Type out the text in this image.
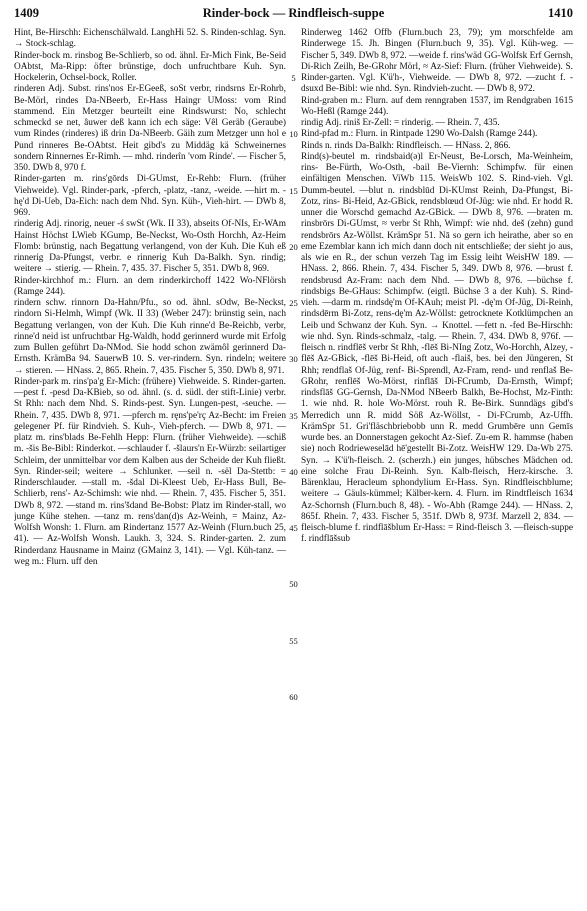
1409	Rinder-bock — Rindfleisch-suppe	1410

Hint, Be-Hirschh: Eichenschälwald. LanghHi 52. S. Rinden-schlag. Syn. → Stock-schlag.

Rinder-bock m. rinsbog Be-Schlierb, so od. ähnl. Er-Mich Fink, Be-Seid OAbtst, Ma-Ripp: öfter brünstige, doch unfruchtbare Kuh. Syn. Hockelerin, Ochsel-bock, Roller.

rinderen Adj. Subst. rins'nos Er-EGeeß, soSt verbr, rindsrns Er-Rohrb, Be-Mörl, rindes Da-NBeerb, Er-Hass Haingr UMoss: vom Rind stammend. Ein Metzger beurteilt eine Rindswurst: No, schlecht schmeckd se net, âuwer deß kann ich ech säge: Vêl Geräb (Geraube) vum Rindes (rinderes) iß drin Da-NBeerb. Gäih zum Metzger unn hol e Pund rinneres Be-OAbtst. Heit gibd's zu Middäg kä Schweinernes sondern Rinnernes Er-Rimh. — mhd. rinderîn 'vom Rinde'. — Fischer 5, 350. DWb 8, 970 f.

Rinder-garten m. rins'gōrds Di-GUmst, Er-Rehb: Flurn. (früher Viehweide). Vgl. Rinder-park, -pferch, -platz, -tanz, -weide. —hirt m. -hę'd Di-Ueb, Da-Eich: nach dem Nhd. Syn. Küh-, Vieh-hirt. — DWb 8, 969.

rinderig Adj. rinorig, neuer -ś swSt (Wk. II 33), abseits Of-NIs, Er-WAm Hainst Höchst LWieb KGump, Be-Neckst, Wo-Osth Horchh, Az-Heim Flomb: brünstig, nach Begattung verlangend, von der Kuh. Die Kuh eß rinnerig Da-Pfungst, verbr. e rinnerig Kuh Da-Balkh. Syn. rindig; weitere → stierig. — Rhein. 7, 435. 37. Fischer 5, 351. DWb 8, 969.

Rinder-kirchhof m.: Flurn. an dem rinderkirchoff 1422 Wo-NFlörsh (Ramge 244).

rindern schw. rinnorn Da-Hahn/Pfu., so od. ähnl. sOdw, Be-Neckst, rindorn Si-Helmh, Wimpf (Wk. II 33) (Weber 247): brünstig sein, nach Begattung verlangen, von der Kuh. Die Kuh rinne'd Be-Reichb, verbr, rinne'd neid ist unfruchtbar Hg-Waldh, hodd gerinnerd wurde mit Erfolg zum Bullen geführt Da-NMod. Sie hodd schon zwämôl gerinnerd Da-Ernsth. KrämBa 94. SauerwB 10. S. ver-rindern. Syn. rindeln; weitere → stieren. — HNass. 2, 865. Rhein. 7, 435. Fischer 5, 350. DWb 8, 971.

Rinder-park m. rins'pa'g Er-Mich: (frühere) Viehweide. S. Rinder-garten. —pest f. -pesd Da-KBieb, so od. ähnl. (s. d. südl. der stift-Linie) verbr. St Rhh: nach dem Nhd. S. Rinds-pest. Syn. Lungen-pest, -seuche. — Rhein. 7, 435. DWb 8, 971. —pferch m. ręns'pe'rç Az-Becht: im Freien gelegener Pf. für Rindvieh. S. Kuh-, Vieh-pferch. — DWb 8, 971. —platz m. rins'blads Be-Fehlh Hepp: Flurn. (früher Viehweide). —schiß m. -šis Be-Bibl: Rinderkot. —schlauder f. -šlaurs'n Er-Würzb: seilartiger Schleim, der unmittelbar vor dem Kalben aus der Scheide der Kuh fließt. Syn. Rinder-seil; weitere → Schlunker. —seil n. -sël Da-Stettb: = Rinderschlauder. —stall m. -šdal Di-Kleest Ueb, Er-Hass Bull, Be-Schlierb, rens'- Az-Schimsh: wie nhd. — Rhein. 7, 435. Fischer 5, 351. DWb 8, 972. —stand m. rins'šdand Be-Bobst: Platz im Rinder-stall, wo junge Kühe stehen. —tanz m. rens'dan(d)s Az-Weinh, = Mainz, Az-Wolfsh Wonsh: 1. Flurn. am Rindertanz 1577 Az-Weinh (Flurn.buch 25, 41). — Az-Wolfsh Wonsh. Laukh. 3, 324. S. Rinder-garten. 2. zum Rinderdanz Hausname in Mainz (GMainz 3, 141). — Vgl. Küh-tanz. —weg m.: Flurn. uff den

5
10
15
20
25
30
35
40
45
50
55
60

Rinderweg 1462 Offb (Flurn.buch 23, 79); ym morschfelde am Rinderwege 15. Jh. Bingen (Flurn.buch 9, 35). Vgl. Küh-weg. — Fischer 5, 349. DWb 8, 972. —weide f. rins'wäd GG-Wolfsk Erf Gernsh, Di-Rich Zeilh, Be-GRohr Mörl, ≈ Az-Sief: Flurn. (früher Viehweide). S. Rinder-garten. Vgl. K'ü'h-, Viehweide. — DWb 8, 972. —zucht f. -dsuxd Be-Bibl: wie nhd. Syn. Rindvieh-zucht. — DWb 8, 972.

Rind-graben m.: Flurn. auf dem renngraben 1537, im Rendgraben 1615 Wo-Heßl (Ramge 244).

rindig Adj. riniš Er-Zell: = rinderig. — Rhein. 7, 435.

Rind-pfad m.: Flurn. in Rintpade 1290 Wo-Dalsh (Ramge 244).

Rinds n. rinds Da-Balkh: Rindfleisch. — HNass. 2, 866.

Rind(s)-beutel m. rindsbaid(ə)l Er-Neust, Be-Lorsch, Ma-Weinheim, rins- Be-Fürth, Wo-Osth, -bail Be-Viernh: Schimpfw. für einen einfältigen Menschen. ViWb 115. WeisWb 102. S. Rind-vieh. Vgl. Dumm-beutel. —blut n. rindsblūd Di-KUmst Reinh, Da-Pfungst, Bi-Zotz, rins- Bi-Heid, Az-GBick, rendsblœud Of-Jüg: wie nhd. Er hodd R. unner die Worschd gemachd Az-GBick. — DWb 8, 976. —braten m. rinsbrōrs Di-GUmst, ≈ verbr St Rhh, Wimpf: wie nhd. deš (zehn) gund rendsbrōrs Az-Wöllst. KrämSpr 51. Nā so gern ich heirathe, aber so en eme Ezemblar kann ich mich dann doch nit entschließe; der sieht jo aus, als wie en R., der schun verzeh Tag im Essig leiht WeisHW 189. — HNass. 2, 866. Rhein. 7, 434. Fischer 5, 349. DWb 8, 976. —brust f. rendsbrusd Az-Fram: nach dem Nhd. — DWb 8, 976. —büchse f. rindsbigs Be-GHaus: Schimpfw. (eigtl. Büchse 3 a der Kuh). S. Rind-vieh. —darm m. rindsdę'm Of-KAuh; meist Pl. -dę'm Of-Jüg, Di-Reinh, rindsdērm Bi-Zotz, rens-dę'm Az-Wöllst: getrocknete Kotklümpchen an Leib und Schwanz der Kuh. Syn. → Knottel. —fett n. -fed Be-Hirschh: wie nhd. Syn. Rinds-schmalz, -talg. — Rhein. 7, 434. DWb 8, 976f. —fleisch n. rindflēš verbr St Rhh, -flēš Bi-NIng Zotz, Wo-Horchh, Alzey, -flēš Az-GBick, -flēš Bi-Heid, oft auch -flaiš, bes. bei den Jüngeren, St Rhh; rendflaš Of-Jüg, renf- Bi-Sprendl, Az-Fram, rend- und renflaš Be-GRohr, renflēš Wo-Mörst, rinflāš Di-FCrumb, Da-Ernsth, Wimpf; rindsflāš GG-Gernsh, Da-NMod NBeerb Balkh, Be-Hochst, Mz-Finth: 1. wie nhd. R. hole Wo-Mörst. rouh R. Be-Birk. Sunndägs gibd's Merredich unn R. midd Söß Az-Wöllst, - Di-FCrumb, Az-Uffh. KrämSpr 51. Gri'fläschbriebobb unn R. medd Grumbēre unn Gemīs wurde bes. an Donnerstagen gekocht Az-Sief. Zu-em R. hammse (haben sie) noch Rodrieweselād hē'gestellt Bi-Zotz. WeisHW 129. Da-Wb 275. Syn. → K'ü'h-fleisch. 2. (scherzh.) ein junges, hübsches Mädchen od. eine solche Frau Di-Reinh. Syn. Kalb-fleisch, Herz-kirsche. 3. Bärenklau, Heracleum sphondylium Er-Hass. Syn. Rindfleischblume; weitere → Gäuls-kümmel; Kälber-kern. 4. Flurn. im Rindtfleisch 1634 Az-Schornsh (Flurn.buch 8, 48). - Wo-Abh (Ramge 244). — HNass. 2, 865f. Rhein. 7, 433. Fischer 5, 351f. DWb 8, 973f. Marzell 2, 834. —fleisch-blume f. rindflāšblum Er-Hass: = Rind-fleisch 3. —fleisch-suppe f. rindflāšsub
